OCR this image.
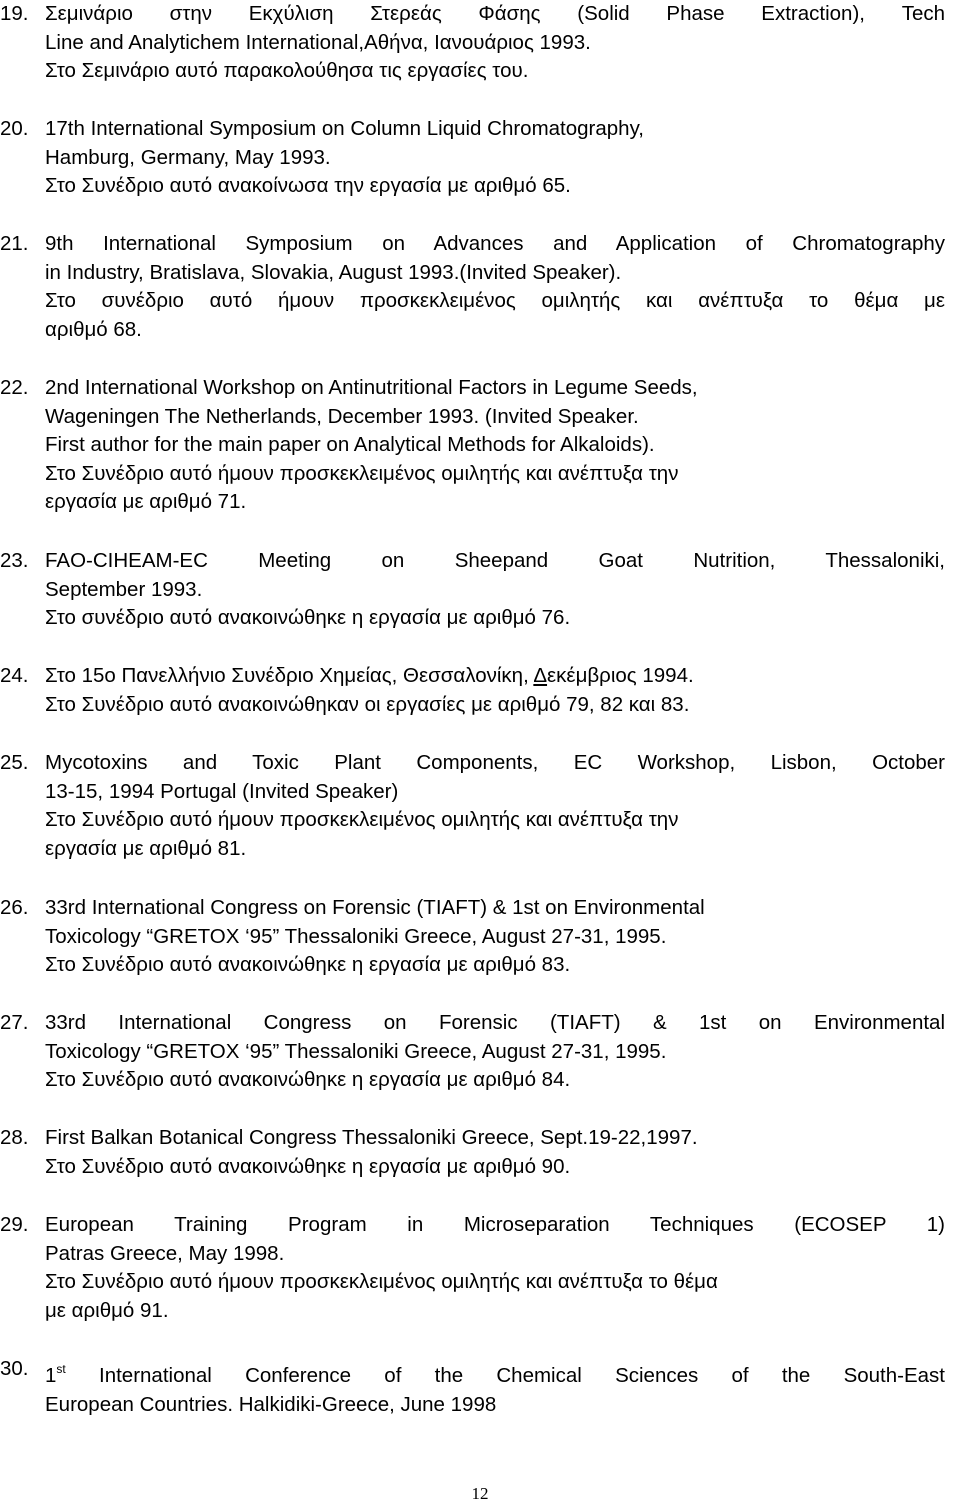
19. Σεμινάριο στην Εκχύλιση Στερεάς Φάσης (Solid Phase Extraction), Tech
Line and Analytichem International,Αθήνα, Ιανουάριος 1993.
Στο Σεμινάριο αυτό παρακολούθησα τις εργασίες του.
20. 17th International Symposium on Column Liquid Chromatography,
Hamburg, Germany, May 1993.
Στο Συνέδριο αυτό ανακοίνωσα την εργασία με αριθμό 65.
21. 9th International Symposium on Advances and Application of Chromatography
in Industry, Bratislava, Slovakia, August 1993.(Invited Speaker).
Στο συνέδριο αυτό ήμουν προσκεκλειμένος ομιλητής και ανέπτυξα το θέμα με
αριθμό 68.
22. 2nd International Workshop on Antinutritional Factors in Legume Seeds,
Wageningen The Netherlands, December 1993. (Invited Speaker.
First author for the main paper on Analytical Methods for Alkaloids).
Στο Συνέδριο αυτό ήμουν προσκεκλειμένος ομιλητής και ανέπτυξα την
εργασία με αριθμό 71.
23. FAO-CIHEAM-EC Meeting on Sheepand Goat Nutrition, Thessaloniki,
September 1993.
Στο συνέδριο αυτό ανακοινώθηκε η εργασία με αριθμό 76.
24. Στο 15ο Πανελλήνιο Συνέδριο Χημείας, Θεσσαλονίκη, Δεκέμβριος 1994.
Στο Συνέδριο αυτό ανακοινώθηκαν οι εργασίες με αριθμό 79, 82 και 83.
25. Mycotoxins and Toxic Plant Components, EC Workshop, Lisbon, October
13-15, 1994 Portugal (Invited Speaker)
Στο Συνέδριο αυτό ήμουν προσκεκλειμένος ομιλητής και ανέπτυξα την
εργασία με αριθμό 81.
26. 33rd International Congress on Forensic (TIAFT) & 1st on Environmental
Toxicology “GRETOX ‘95” Thessaloniki Greece, August 27-31, 1995.
Στο Συνέδριο αυτό ανακοινώθηκε η εργασία με αριθμό 83.
27. 33rd International Congress on Forensic (TIAFT) & 1st on Environmental
Toxicology “GRETOX ‘95” Thessaloniki Greece, August 27-31, 1995.
Στο Συνέδριο αυτό ανακοινώθηκε η εργασία με αριθμό 84.
28. First Balkan Botanical Congress Thessaloniki Greece, Sept.19-22,1997.
Στο Συνέδριο αυτό ανακοινώθηκε η εργασία με αριθμό 90.
29. European Training Program in Microseparation Techniques (ECOSEP 1)
Patras Greece, May 1998.
Στο Συνέδριο αυτό ήμουν προσκεκλειμένος ομιλητής και ανέπτυξα το θέμα
με αριθμό 91.
30. 1st International Conference of the Chemical Sciences of the South-East
European Countries. Halkidiki-Greece, June 1998
12
